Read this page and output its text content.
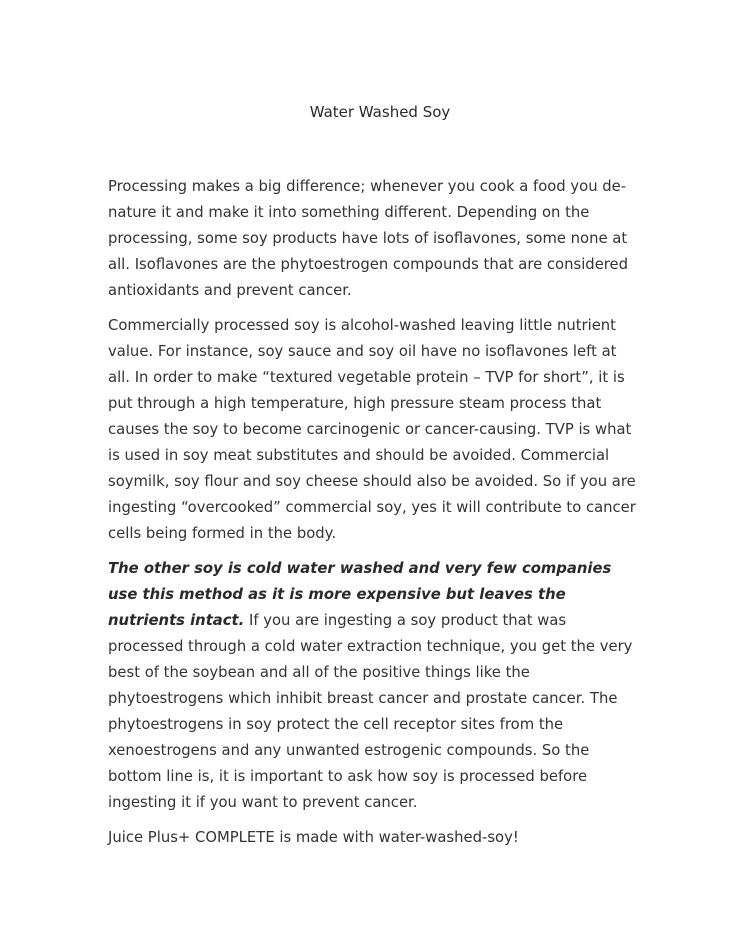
Water Washed Soy

Processing makes a big difference; whenever you cook a food you de-nature it and make it into something different. Depending on the processing, some soy products have lots of isoflavones, some none at all. Isoflavones are the phytoestrogen compounds that are considered antioxidants and prevent cancer.

Commercially processed soy is alcohol-washed leaving little nutrient value. For instance, soy sauce and soy oil have no isoflavones left at all. In order to make “textured vegetable protein – TVP for short”, it is put through a high temperature, high pressure steam process that causes the soy to become carcinogenic or cancer-causing. TVP is what is used in soy meat substitutes and should be avoided. Commercial soymilk, soy flour and soy cheese should also be avoided. So if you are ingesting “overcooked” commercial soy, yes it will contribute to cancer cells being formed in the body.

The other soy is cold water washed and very few companies use this method as it is more expensive but leaves the nutrients intact. If you are ingesting a soy product that was processed through a cold water extraction technique, you get the very best of the soybean and all of the positive things like the phytoestrogens which inhibit breast cancer and prostate cancer. The phytoestrogens in soy protect the cell receptor sites from the xenoestrogens and any unwanted estrogenic compounds. So the bottom line is, it is important to ask how soy is processed before ingesting it if you want to prevent cancer.

Juice Plus+ COMPLETE is made with water-washed-soy!
